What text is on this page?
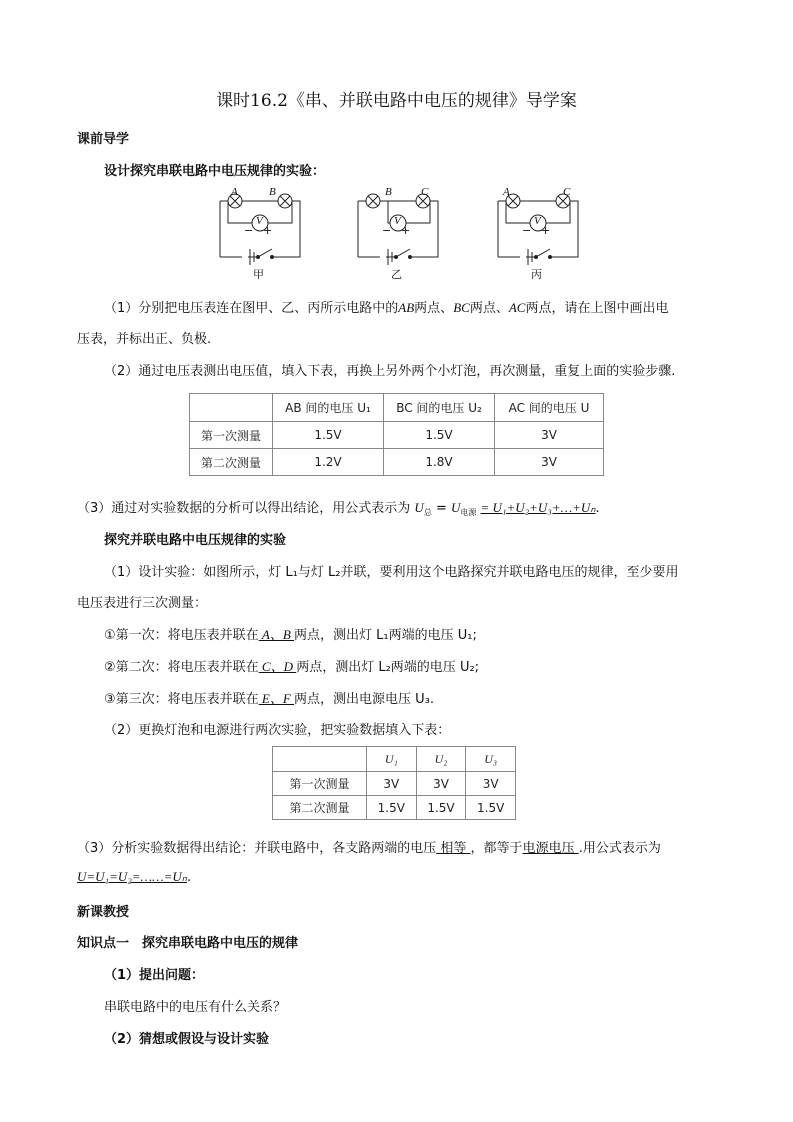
课时16.2《串、并联电路中电压的规律》导学案
课前导学
设计探究串联电路中电压规律的实验：
A	B
V
− +
甲
B	C
V
− +
乙
A	C
V
− +
丙
（1）分别把电压表连在图甲、乙、丙所示电路中的AB两点、BC两点、AC两点，请在上图中画出电
压表，并标出正、负极.
（2）通过电压表测出电压值，填入下表，再换上另外两个小灯泡，再次测量，重复上面的实验步骤.
	AB 间的电压 U₁	BC 间的电压 U₂	AC 间的电压 U
第一次测量	1.5V	1.5V	3V
第二次测量	1.2V	1.8V	3V
（3）通过对实验数据的分析可以得出结论，用公式表示为 $U_总 = U_{电源}$ = U₁+U₂+U₃+…+Uₙ.
探究并联电路中电压规律的实验
（1）设计实验：如图所示，灯 L₁与灯 L₂并联，要利用这个电路探究并联电路电压的规律，至少要用
电压表进行三次测量：
①第一次：将电压表并联在 A、B 两点，测出灯 L₁两端的电压 U₁;
②第二次：将电压表并联在 C、D 两点，测出灯 L₂两端的电压 U₂;
③第三次：将电压表并联在 E、F 两点，测出电源电压 U₃.
（2）更换灯泡和电源进行两次实验，把实验数据填入下表：
	U₁	U₂	U₃
第一次测量	3V	3V	3V
第二次测量	1.5V	1.5V	1.5V
（3）分析实验数据得出结论：并联电路中，各支路两端的电压 相等 ，都等于电源电压 .用公式表示为
U=U₁=U₂=……=Uₙ.
新课教授
知识点一　探究串联电路中电压的规律
（1）提出问题：
串联电路中的电压有什么关系？
（2）猜想或假设与设计实验
